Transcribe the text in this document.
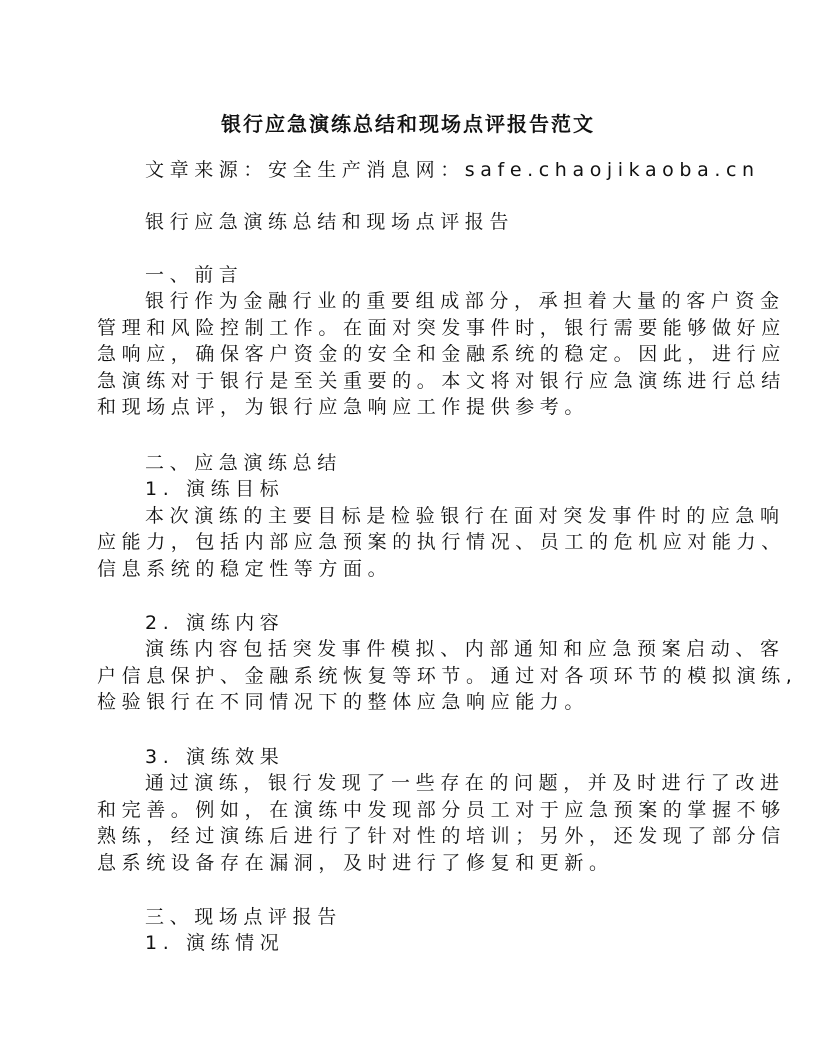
银行应急演练总结和现场点评报告范文
文章来源：安全生产消息网：safe.chaojikaoba.cn
银行应急演练总结和现场点评报告
一、前言
银行作为金融行业的重要组成部分，承担着大量的客户资金
管理和风险控制工作。在面对突发事件时，银行需要能够做好应
急响应，确保客户资金的安全和金融系统的稳定。因此，进行应
急演练对于银行是至关重要的。本文将对银行应急演练进行总结
和现场点评，为银行应急响应工作提供参考。
二、应急演练总结
1. 演练目标
本次演练的主要目标是检验银行在面对突发事件时的应急响
应能力，包括内部应急预案的执行情况、员工的危机应对能力、
信息系统的稳定性等方面。
2. 演练内容
演练内容包括突发事件模拟、内部通知和应急预案启动、客
户信息保护、金融系统恢复等环节。通过对各项环节的模拟演练,
检验银行在不同情况下的整体应急响应能力。
3. 演练效果
通过演练，银行发现了一些存在的问题，并及时进行了改进
和完善。例如，在演练中发现部分员工对于应急预案的掌握不够
熟练，经过演练后进行了针对性的培训；另外，还发现了部分信
息系统设备存在漏洞，及时进行了修复和更新。
三、现场点评报告
1. 演练情况
